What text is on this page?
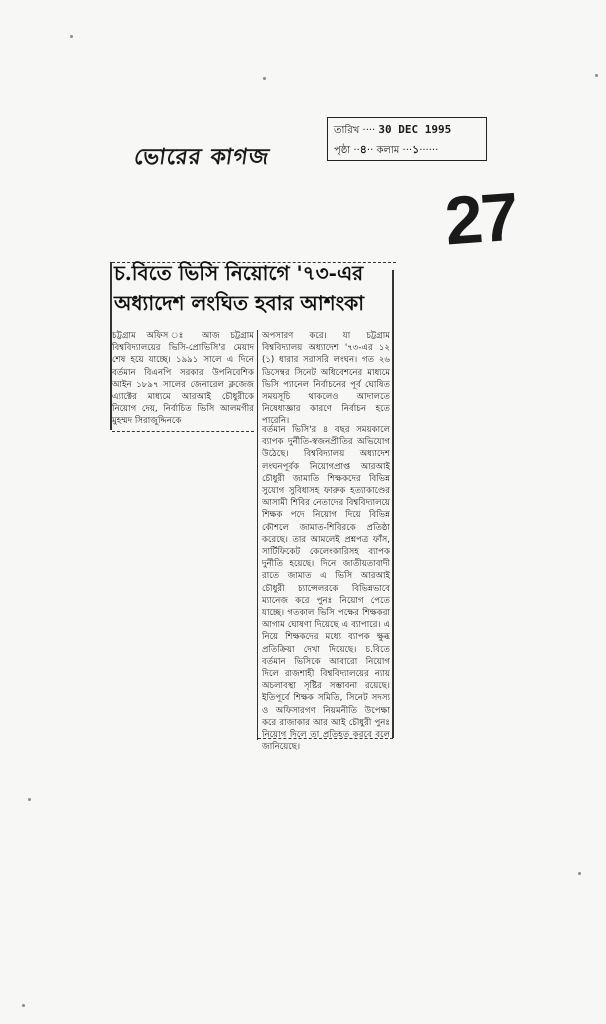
ভোরের কাগজ
তারিখ ···· 30 DEC 1995
পৃষ্ঠা ··৪·· কলাম ···১······
27
চ.বিতে ভিসি নিয়োগে '৭৩-এর
অধ্যাদেশ লংঘিত হবার আশংকা
চট্টগ্রাম অফিস ঃ আজ চট্টগ্রাম বিশ্ববিদ্যালয়ের ভিসি-প্রোভিসি'র মেয়াদ শেষ হয়ে যাচ্ছে। ১৯৯১ সালে এ দিনে বর্তমান বিএনপি সরকার উপনিবেশিক আইন ১৮৯৭ সালের জেনারেল ক্লজেজ এ্যাক্টের মাধ্যমে আরআই চৌধুরীকে নিয়োগ দেয়, নির্বাচিত ভিসি আলমগীর মুহম্মদ সিরাজুদ্দিনকে
অপসারণ করে। যা চট্টগ্রাম বিশ্ববিদ্যালয় অধ্যাদেশ '৭৩-এর ১২ (১) ধারার সরাসরি লংঘন। গত ২৬ ডিসেম্বর সিনেট অধিবেশনের মাধ্যমে ভিসি প্যানেল নির্বাচনের পূর্ব ঘোষিত সময়সূচি থাকলেও আদালতে নিষেধাজ্ঞার কারণে নির্বাচন হতে পারেনি।
বর্তমান ভিসি'র ৪ বছর সময়কালে ব্যাপক দুর্নীতি-স্বজনপ্রীতির অভিযোগ উঠেছে। বিশ্ববিদ্যালয় অধ্যাদেশ লংঘনপূর্বক নিয়োগপ্রাপ্ত আরআই চৌধুরী জামাতি শিক্ষকদের বিভিন্ন সুযোগ সুবিধাসহ ফারুক হত্যাকাণ্ডের আসামী শিবির নেতাদের বিশ্ববিদ্যালয়ে শিক্ষক পদে নিয়োগ দিয়ে বিভিন্ন কৌশলে জামাত-শিবিরকে প্রতিষ্ঠা করেছে। তার আমলেই প্রশ্নপত্র ফাঁস, সার্টিফিকেট কেলেংকারিসহ ব্যাপক দুর্নীতি হয়েছে। দিনে জাতীয়তাবাদী রাতে জামাত এ ভিসি আরআই চৌধুরী চ্যান্সেলরকে বিভিন্নভাবে ম্যানেজ করে পুনঃ নিয়োগ পেতে যাচ্ছে। গতকাল ভিসি পক্ষের শিক্ষকরা আগাম ঘোষণা দিয়েছে এ ব্যাপারে। এ নিয়ে শিক্ষকদের মধ্যে ব্যাপক ক্ষুব্ধ প্রতিক্রিয়া দেখা দিয়েছে। চ.বিতে বর্তমান ভিসিকে আবারো নিয়োগ দিলে রাজশাহী বিশ্ববিদ্যালয়ের ন্যায় অচলাবস্থা সৃষ্টির সম্ভাবনা রয়েছে। ইতিপূর্বে শিক্ষক সমিতি, সিনেট সদস্য ও অফিসারগণ নিয়মনীতি উপেক্ষা করে রাজাকার আর আই চৌধুরী পুনঃ নিয়োগ দিলে তা প্রতিহত করবে বলে জানিয়েছে।
